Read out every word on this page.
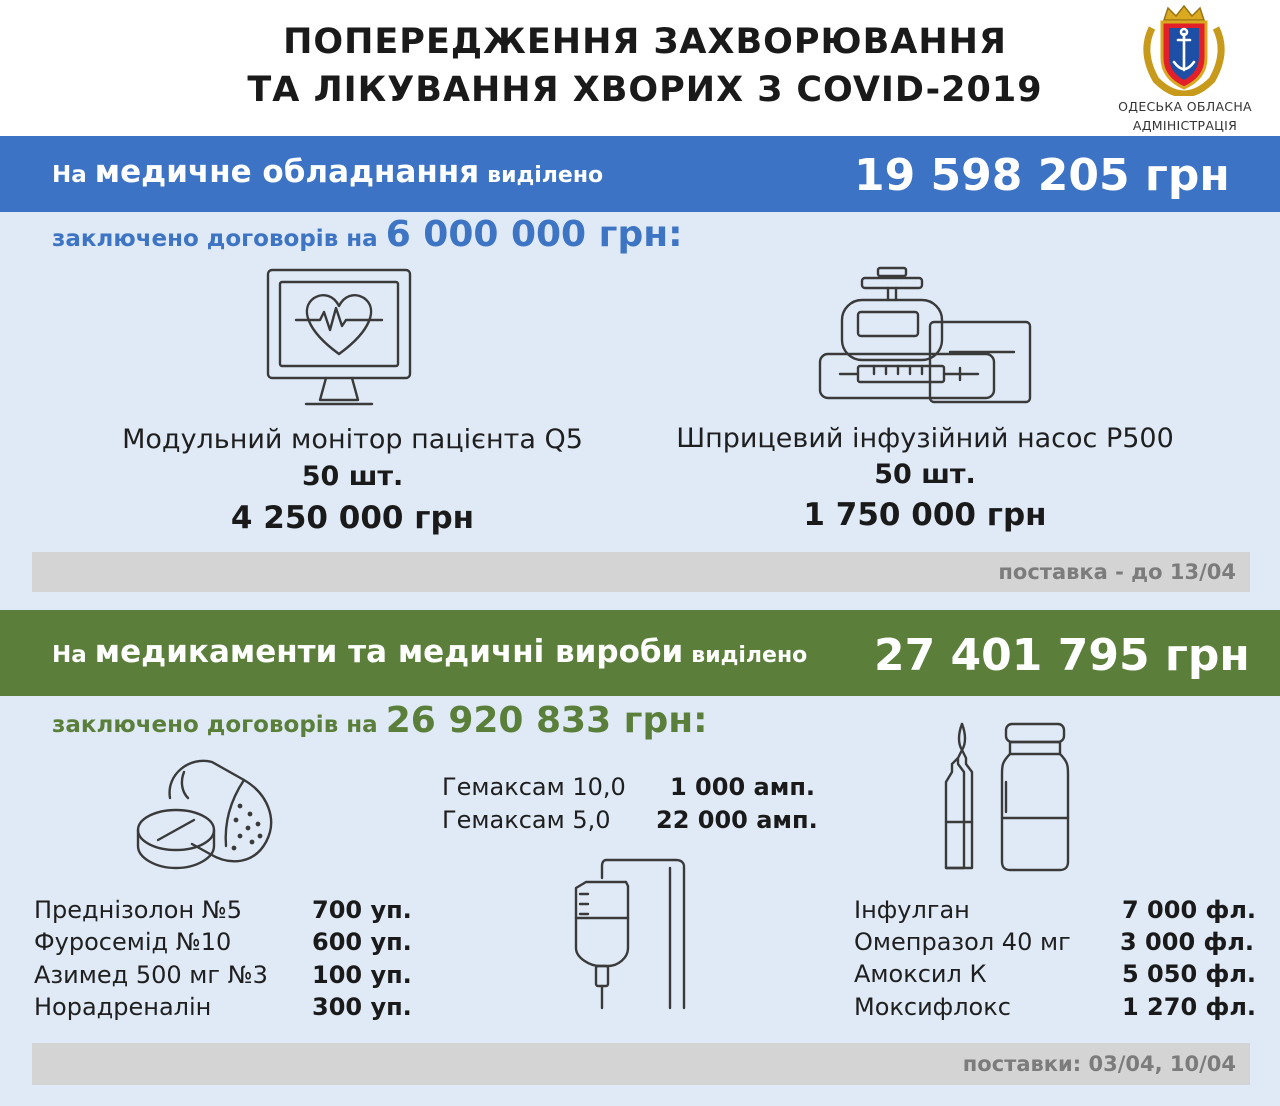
ПОПЕРЕДЖЕННЯ ЗАХВОРЮВАННЯ
ТА ЛІКУВАННЯ ХВОРИХ З COVID-2019	ОДЕСЬКА ОБЛАСНА
АДМІНІСТРАЦІЯ
На медичне обладнання виділено	19 598 205 грн
заключено договорів на 6 000 000 грн:
Модульний монітор пацієнта Q5
50 шт.
4 250 000 грн
Шприцевий інфузійний насос Р500
50 шт.
1 750 000 грн
поставка - до 13/04
На медикаменти та медичні вироби виділено 27 401 795 грн
заключено договорів на 26 920 833 грн:
Гемаксам 10,0 1 000 амп.
Гемаксам 5,0 22 000 амп.
Преднізолон №5	700 уп.
Фуросемід №10	600 уп.
Азимед 500 мг №3 100 уп.
Норадреналін	300 уп.
Інфулган	7 000 фл.
Омепразол 40 мг 3 000 фл.
Амоксил К	5 050 фл.
Моксифлокс	1 270 фл.
поставки: 03/04, 10/04
